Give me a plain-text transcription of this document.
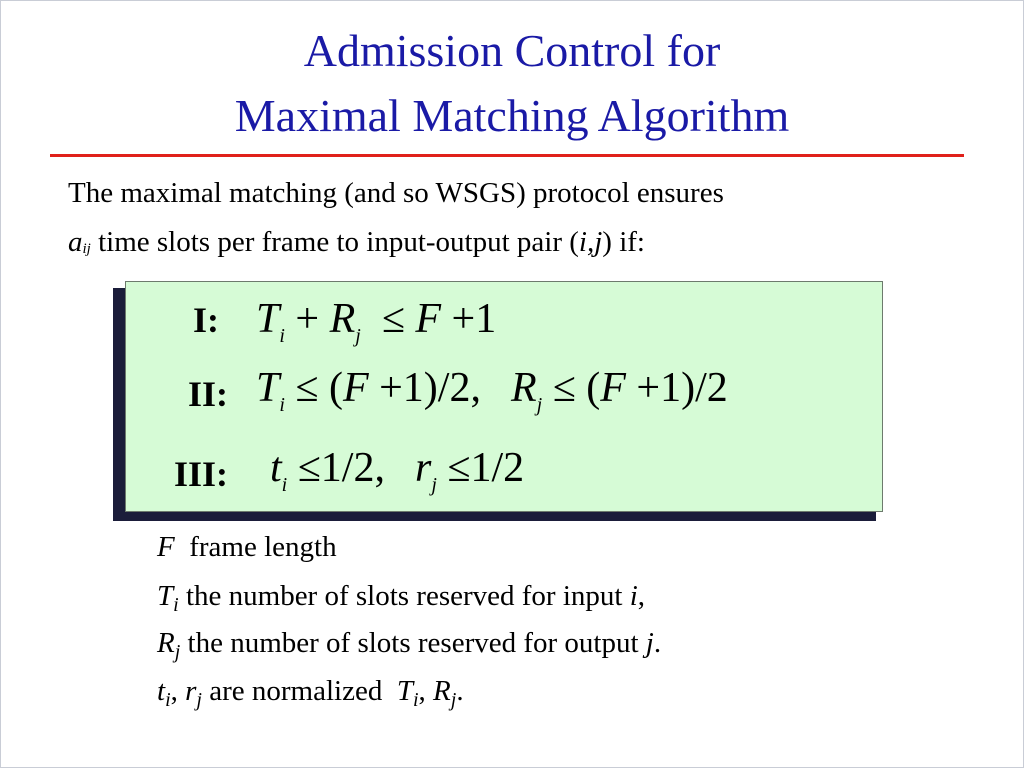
Admission Control for
Maximal Matching Algorithm
The maximal matching (and so WSGS) protocol ensures
$a_{ij}$ time slots per frame to input-output pair (i,j) if:
I: $T_i + R_j \le F +1$
II: $T_i \le (F +1)/2$, $R_j \le (F +1)/2$
III: $t_i \le 1/2$, $r_j \le 1/2$
F  frame length
$T_i$ the number of slots reserved for input i,
$R_j$ the number of slots reserved for output j.
$t_i$, $r_j$ are normalized  $T_i$, $R_j$.
